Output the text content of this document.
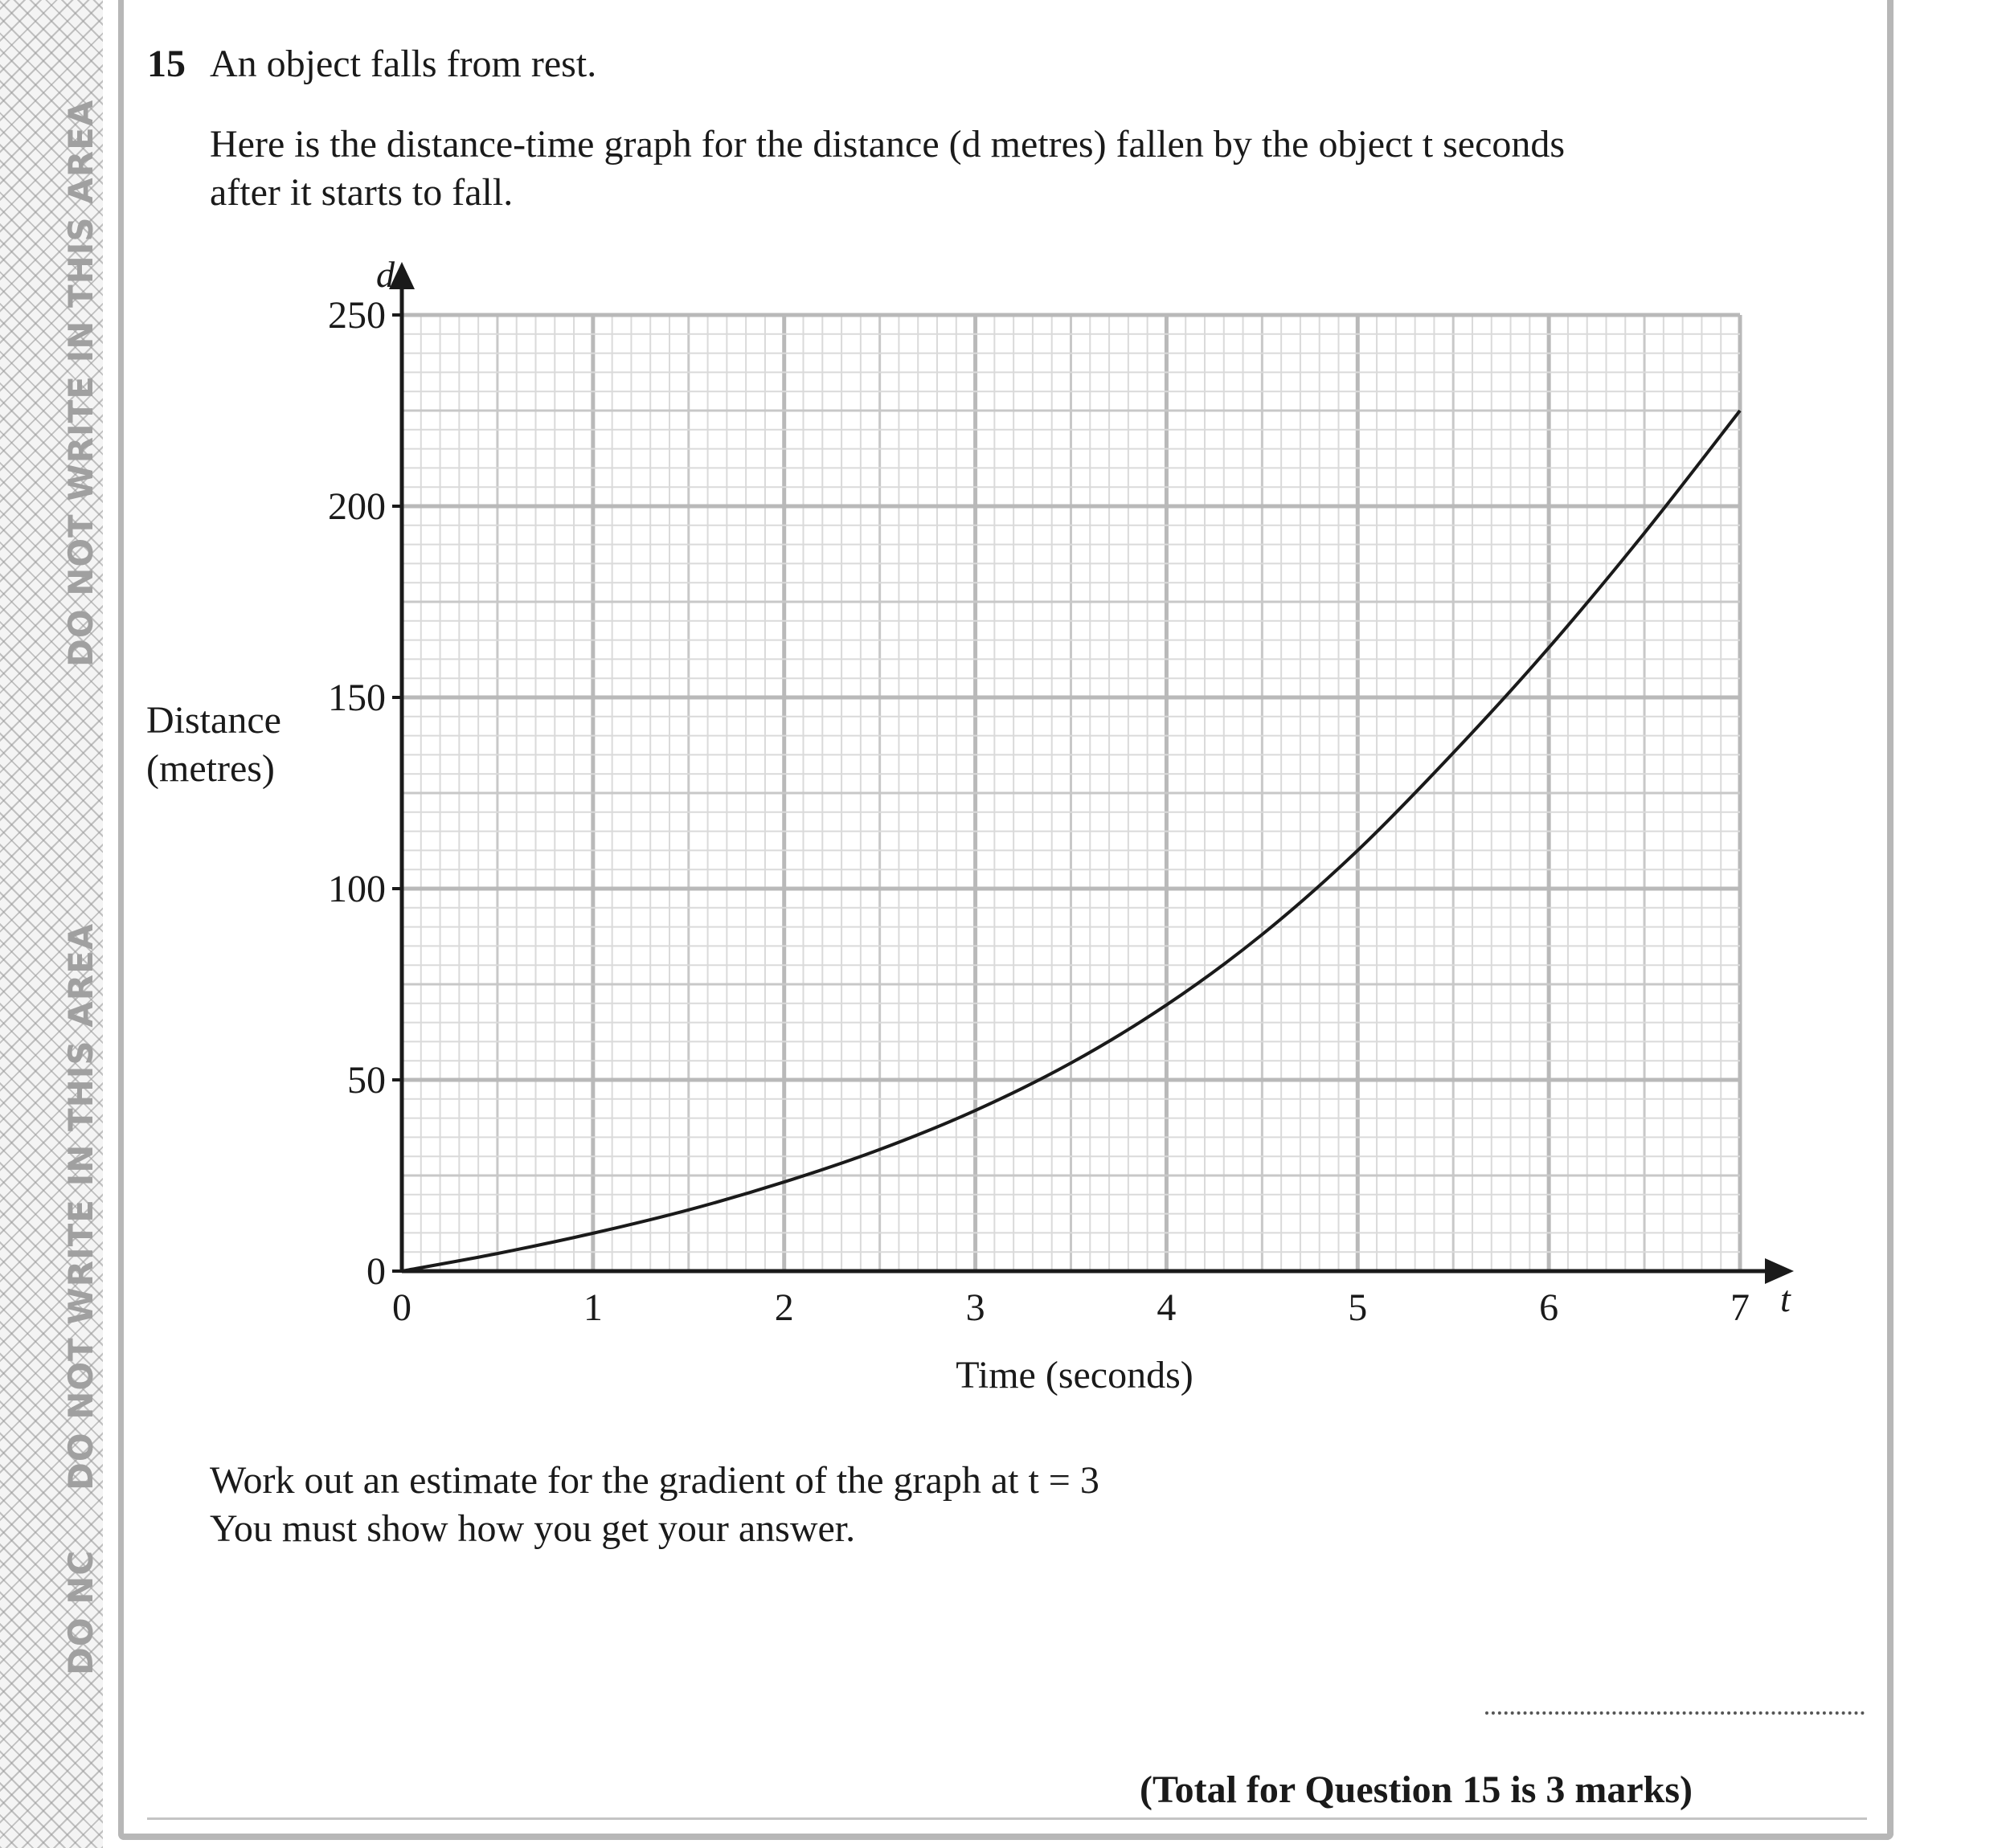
DO NOT WRITE IN THIS AREA
DO NOT WRITE IN THIS AREA
DO NC
15 An object falls from rest.
Here is the distance-time graph for the distance (d metres) fallen by the object t seconds
after it starts to fall.
0	1	2	3	4	5	6	7
0
50
100
150
200
250
Distance
(metres)
Time (seconds)
d
t
Work out an estimate for the gradient of the graph at t = 3
You must show how you get your answer.
(Total for Question 15 is 3 marks)
